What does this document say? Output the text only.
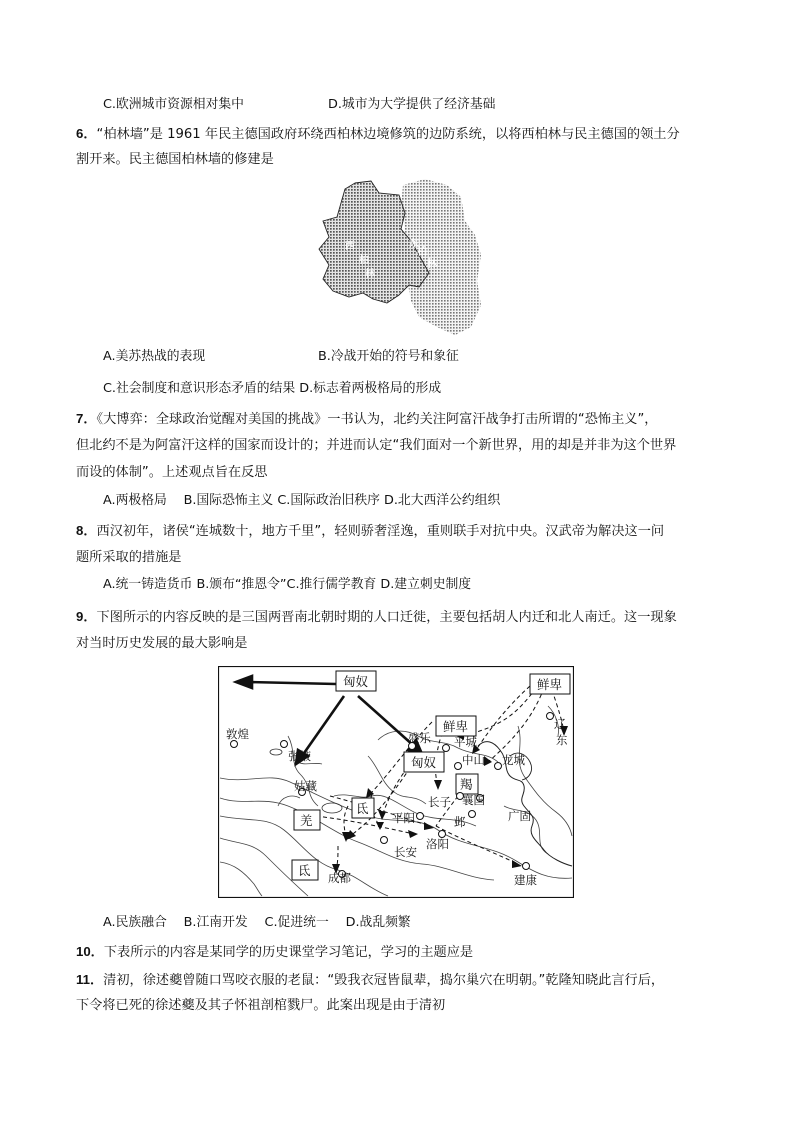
C.欧洲城市资源相对集中	D.城市为大学提供了经济基础
6．“柏林墙”是 1961 年民主德国政府环绕西柏林边境修筑的边防系统，以将西柏林与民主德国的领土分
割开来。民主德国柏林墙的修建是
西
柏
林
东
柏
林
A.美苏热战的表现	B.冷战开始的符号和象征
C.社会制度和意识形态矛盾的结果 D.标志着两极格局的形成
7．《大博弈：全球政治觉醒对美国的挑战》一书认为，北约关注阿富汗战争打击所谓的“恐怖主义”，
但北约不是为阿富汗这样的国家而设计的；并进而认定“我们面对一个新世界，用的却是并非为这个世界
而设的体制”。上述观点旨在反思
A.两极格局　 B.国际恐怖主义 C.国际政治旧秩序 D.北大西洋公约组织
8．西汉初年，诸侯“连城数十，地方千里”，轻则骄奢淫逸，重则联手对抗中央。汉武帝为解决这一问
题所采取的措施是
A.统一铸造货币 B.颁布“推恩令”C.推行儒学教育 D.建立刺史制度
9．下图所示的内容反映的是三国两晋南北朝时期的人口迁徙，主要包括胡人内迁和北人南迁。这一现象
对当时历史发展的最大影响是
匈奴	鲜卑
鲜卑
匈奴
羯
氐
羌
氐
敦煌
张掖
姑藏
盛乐 平城
中山 龙城
辽
东
长子 襄国
邺	广固
平阳
洛阳
长安
成都	建康
A.民族融合　 B.江南开发　 C.促进统一　 D.战乱频繁
10．下表所示的内容是某同学的历史课堂学习笔记，学习的主题应是
11．清初，徐述夔曾随口骂咬衣服的老鼠：“毁我衣冠皆鼠辈，捣尔巢穴在明朝。”乾隆知晓此言行后，
下令将已死的徐述夔及其子怀祖剖棺戮尸。此案出现是由于清初
